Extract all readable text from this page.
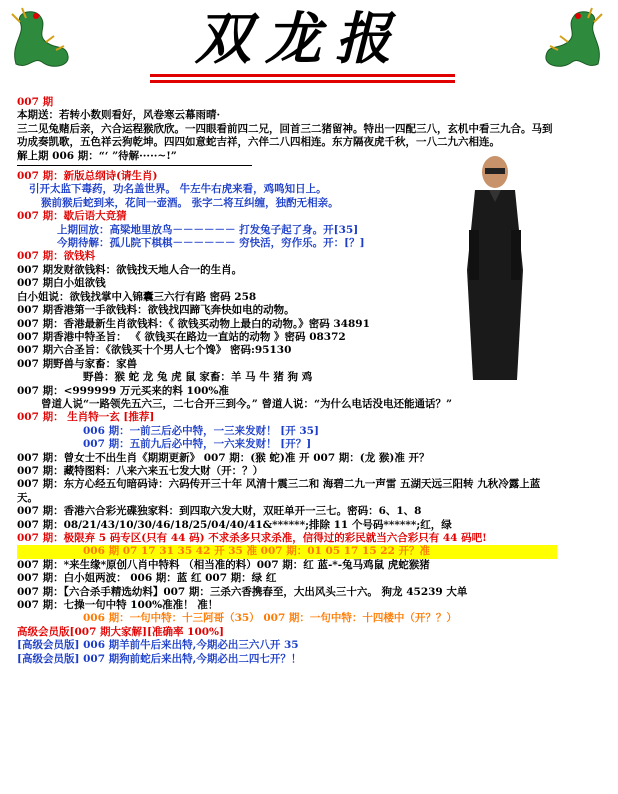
双龙报
007 期
本期送：若转小数则看好，风卷寒云幕雨晴·
三二见兔赌后亲，六合运程猴欣欣。一四眼看前四二兄，回首三二猪留神。特出一四配三八，玄机中看三九合。马到功成奏凯歌，五色祥云狗乾坤。四四如意蛇吉祥，六伴二八四相连。东方隔夜虎千秋，一八二九六相连。
解上期 006 期：“‘ ”待解·····~!”
007 期：新版总纲诗(请生肖)
引开太监下毒药，功名盖世界。 牛左牛右虎来看，鸡鸣知日上。
猴前猴后蛇到来，花间一壶酒。 张字二将互纠缠，独酌无相亲。
007 期：歇后语大竞猜
上期回放：高梁地里放鸟－－－－－－ 打发兔子起了身。开[35]
今期待解：孤儿院下棋棋－－－－－－ 穷快活，穷作乐。开：[？]
007 期：欲钱料
007 期发财欲钱料：欲钱找天地人合一的生肖。
007 期白小姐欲钱
白小姐说：欲钱找掌中入锦囊三六行有路 密码 258
007 期香港第一手欲钱料：欲钱找四蹄飞奔快如电的动物。
007 期：香港最新生肖欲钱料：《 欲钱买动物上最白的动物。》密码 34891
007 期香港中特圣旨： 《 欲钱买在路边一直站的动物 》密码 08372
007 期六合圣旨：《欲钱买十个男人七个馋》 密码:95130
007 期野兽与家畜：家兽
野兽：猴 蛇 龙 兔 虎 鼠 家畜：羊 马 牛 猪 狗 鸡
007 期：<999999 万元买来的料 100%准
曾道人说“一路领先五六三，二七合开三到今。” 曾道人说：“为什么电话没电还能通话？”
007 期： 生肖特一玄 [推荐]
006 期：一前三后必中特，一三来发财！ [开 35]
007 期：五前九后必中特，一六来发财！ [开？]
007 期：曾女士不出生肖《期期更新》 007 期：(猴 蛇)准 开 007 期：(龙 猴)准 开？
007 期：藏特图料：八来六来五七发大财（开：？）
007 期：东方心经五句暗码诗：六码传开三十年 风清十震三二和 海碧二九一声雷 五湖天远三阳转 九秋冷露上蓝天。
007 期：香港六合彩光碟独家料：到四取六发大财，双旺单开一三七。密码：6、1、8
007 期：08/21/43/10/30/46/18/25/04/40/41&******;排除 11 个号码******;红，绿
007 期：极限弃 5 码专区(只有 44 码) 不求杀多只求杀准，信得过的彩民就当六合彩只有 44 码吧!
006 期 07 17 31 35 42 开 35 准 007 期：01 05 17 15 22 开？准
007 期：*来生缘*原创八肖中特料 （相当准的料）007 期：红 蓝-*-兔马鸡鼠 虎蛇猴猪
007 期：白小姐两波： 006 期：蓝 红 007 期：绿 红
007 期：【六合杀手精选幼料】007 期：三杀六香携春至，大出风头三十六。 狗龙 45239 大单
007 期：七操一句中特 100%准准！ 准！
006 期：一句中特：十三阿哥（35） 007 期：一句中特：十四楼中（开？？）
高级会员版[007 期大家解][准确率 100%]
[高级会员版] 006 期羊前牛后来出特,今期必出三六八开 35
[高级会员版] 007 期狗前蛇后来出特,今期必出二四七开？！
